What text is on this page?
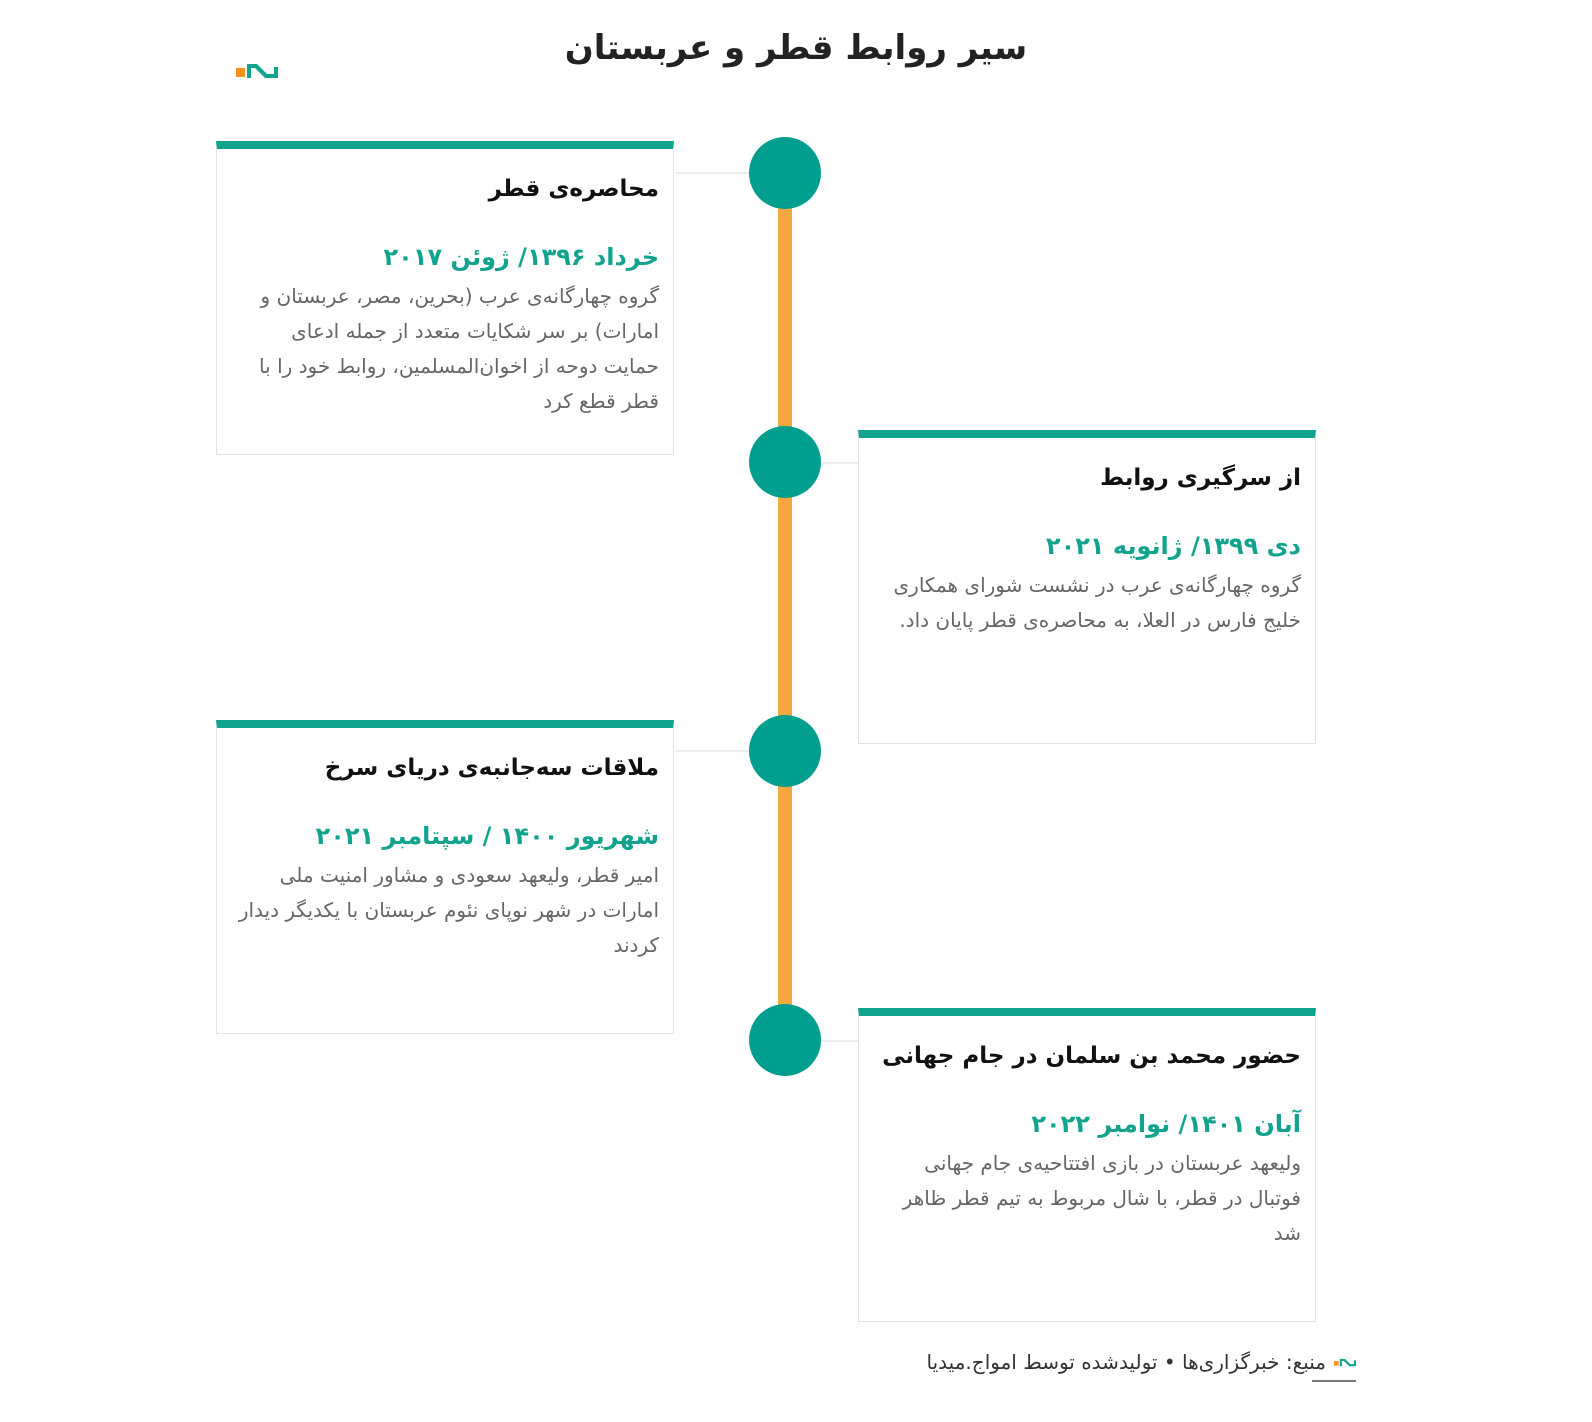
سیر روابط قطر و عربستان
محاصره‌ی قطر
خرداد ۱۳۹۶/ ژوئن ۲۰۱۷

گروه چهارگانه‌ی عرب (بحرین، مصر، عربستان و امارات) بر سر شکایات متعدد از جمله ادعای حمایت دوحه از اخوان‌المسلمین، روابط خود را با قطر قطع کرد

از سرگیری روابط
دی ۱۳۹۹/ ژانویه ۲۰۲۱

گروه چهارگانه‌ی عرب در نشست شورای همکاری خلیج فارس در العلا، به محاصره‌ی قطر پایان داد.

ملاقات سه‌جانبه‌ی دریای سرخ
شهریور ۱۴۰۰ / سپتامبر ۲۰۲۱

امیر قطر، ولیعهد سعودی و مشاور امنیت ملی امارات در شهر نوپای نئوم عربستان با یکدیگر دیدار کردند

حضور محمد بن سلمان در جام جهانی
آبان ۱۴۰۱/ نوامبر ۲۰۲۲

ولیعهد عربستان در بازی افتتاحیه‌ی جام جهانی فوتبال در قطر، با شال مربوط به تیم قطر ظاهر شد

منبع: خبرگزاری‌ها • تولیدشده توسط امواج.میدیا
